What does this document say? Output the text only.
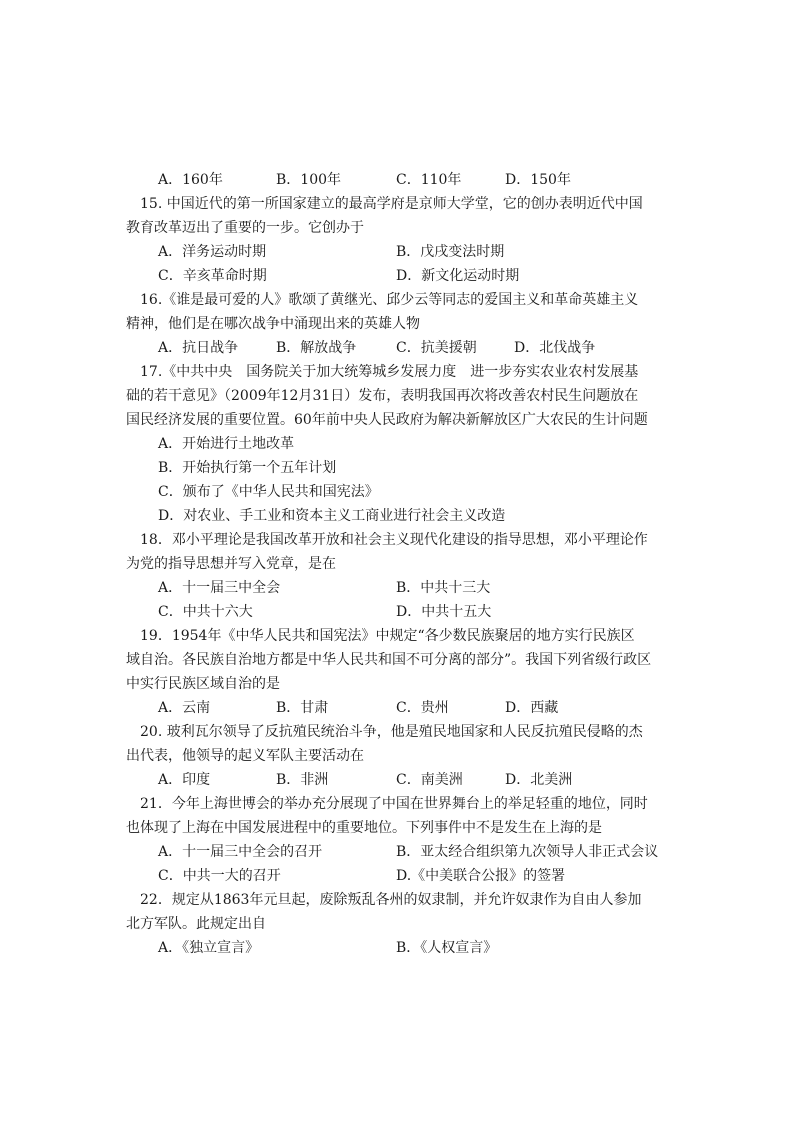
A．160年	B．100年	C．110年	D．150年
15. 中国近代的第一所国家建立的最高学府是京师大学堂，它的创办表明近代中国
教育改革迈出了重要的一步。它创办于
A．洋务运动时期	B．戊戌变法时期
C．辛亥革命时期	D．新文化运动时期
16.《谁是最可爱的人》歌颂了黄继光、邱少云等同志的爱国主义和革命英雄主义
精神，他们是在哪次战争中涌现出来的英雄人物
A．抗日战争	B．解放战争	C．抗美援朝	D．北伐战争
17.《中共中央　国务院关于加大统筹城乡发展力度　进一步夯实农业农村发展基
础的若干意见》（2009年12月31日）发布，表明我国再次将改善农村民生问题放在
国民经济发展的重要位置。60年前中央人民政府为解决新解放区广大农民的生计问题
A．开始进行土地改革
B．开始执行第一个五年计划
C．颁布了《中华人民共和国宪法》
D．对农业、手工业和资本主义工商业进行社会主义改造
18．邓小平理论是我国改革开放和社会主义现代化建设的指导思想，邓小平理论作
为党的指导思想并写入党章，是在
A．十一届三中全会	B．中共十三大
C．中共十六大	D．中共十五大
19．1954年《中华人民共和国宪法》中规定“各少数民族聚居的地方实行民族区
域自治。各民族自治地方都是中华人民共和国不可分离的部分”。我国下列省级行政区
中实行民族区域自治的是
A．云南	B．甘肃	C．贵州	D．西藏
20. 玻利瓦尔领导了反抗殖民统治斗争，他是殖民地国家和人民反抗殖民侵略的杰
出代表，他领导的起义军队主要活动在
A．印度	B．非洲	C．南美洲	D．北美洲
21．今年上海世博会的举办充分展现了中国在世界舞台上的举足轻重的地位，同时
也体现了上海在中国发展进程中的重要地位。下列事件中不是发生在上海的是
A．十一届三中全会的召开	B．亚太经合组织第九次领导人非正式会议
C．中共一大的召开	D.《中美联合公报》的签署
22．规定从1863年元旦起，废除叛乱各州的奴隶制，并允许奴隶作为自由人参加
北方军队。此规定出自
A．《独立宣言》	B．《人权宣言》
